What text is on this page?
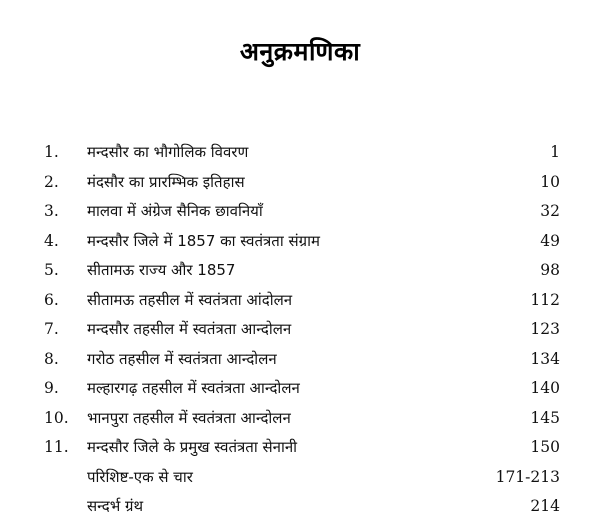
अनुक्रमणिका
1.	मन्दसौर का भौगोलिक विवरण	1
2.	मंदसौर का प्रारम्भिक इतिहास	10
3.	मालवा में अंग्रेज सैनिक छावनियाँ	32
4.	मन्दसौर जिले में 1857 का स्वतंत्रता संग्राम	49
5.	सीतामऊ राज्य और 1857	98
6.	सीतामऊ तहसील में स्वतंत्रता आंदोलन	112
7.	मन्दसौर तहसील में स्वतंत्रता आन्दोलन	123
8.	गरोठ तहसील में स्वतंत्रता आन्दोलन	134
9.	मल्हारगढ़ तहसील में स्वतंत्रता आन्दोलन	140
10.	भानपुरा तहसील में स्वतंत्रता आन्दोलन	145
11.	मन्दसौर जिले के प्रमुख स्वतंत्रता सेनानी	150
परिशिष्ट-एक से चार	171-213
सन्दर्भ ग्रंथ	214
